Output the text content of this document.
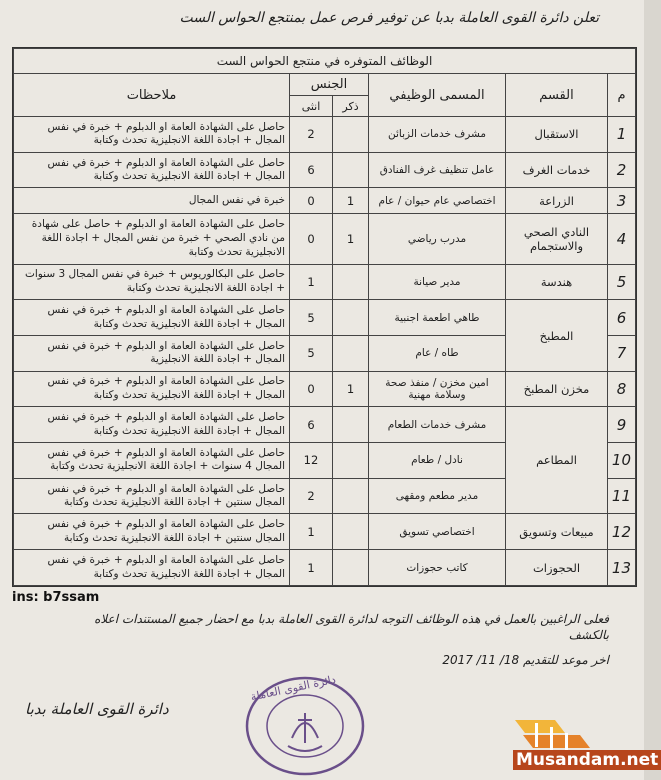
تعلن دائرة القوى العاملة بدبا عن توفير فرص عمل بمنتجع الحواس الست
الوظائف المتوفره في منتجع الحواس الست					
م	القسم	المسمى الوظيفي	الجنس		ملاحظات
			ذكر	انثى	
1	الاستقبال	مشرف خدمات الزبائن		2	حاصل على الشهادة العامة او الدبلوم + خبرة في نفس المجال + اجادة اللغة الانجليزية تحدث وكتابة
2	خدمات الغرف	عامل تنظيف غرف الفنادق		6	حاصل على الشهادة العامة او الدبلوم + خبرة في نفس المجال + اجادة اللغة الانجليزية تحدث وكتابة
3	الزراعة	اختصاصي عام حيوان / عام	1	0	خبرة في نفس المجال
4	النادي الصحي والاستجمام	مدرب رياضي	1	0	حاصل على الشهادة العامة او الدبلوم + حاصل على شهادة من نادي الصحي + خبرة من نفس المجال + اجادة اللغة الانجليزية تحدث وكتابة
5	هندسة	مدير صيانة		1	حاصل على البكالوريوس + خبرة في نفس المجال 3 سنوات + اجادة اللغة الانجليزية تحدث وكتابة
6	المطبخ	طاهي اطعمة اجنبية		5	حاصل على الشهادة العامة او الدبلوم + خبرة في نفس المجال + اجادة اللغة الانجليزية تحدث وكتابة
7		طاه / عام		5	حاصل على الشهادة العامة او الدبلوم + خبرة في نفس المجال + اجادة اللغة الانجليزية
8	مخزن المطبخ	امين مخزن / منفذ صحة وسلامة مهنية	1	0	حاصل على الشهادة العامة او الدبلوم + خبرة في نفس المجال + اجادة اللغة الانجليزية تحدث وكتابة
9	المطاعم	مشرف خدمات الطعام		6	حاصل على الشهادة العامة او الدبلوم + خبرة في نفس المجال + اجادة اللغة الانجليزية تحدث وكتابة
10		نادل / طعام		12	حاصل على الشهادة العامة او الدبلوم + خبرة في نفس المجال 4 سنوات + اجادة اللغة الانجليزية تحدث وكتابة
11		مدير مطعم ومقهى		2	حاصل على الشهادة العامة او الدبلوم + خبرة في نفس المجال سنتين + اجادة اللغة الانجليزية تحدث وكتابة
12	مبيعات وتسويق	اختصاصي تسويق		1	حاصل على الشهادة العامة او الدبلوم + خبرة في نفس المجال سنتين + اجادة اللغة الانجليزية تحدث وكتابة
13	الحجوزات	كاتب حجوزات		1	حاصل على الشهادة العامة او الدبلوم + خبرة في نفس المجال + اجادة اللغة الانجليزية تحدث وكتابة
ins: b7ssam
فعلى الراغبين بالعمل في هذه الوظائف التوجه لدائرة القوى العاملة بدبا مع احضار جميع المستندات اعلاه
بالكشف
اخر موعد للتقديم 18/ 11/ 2017
دائرة القوى العاملة بدبا
دائرة القوى العاملة
Musandam.net
